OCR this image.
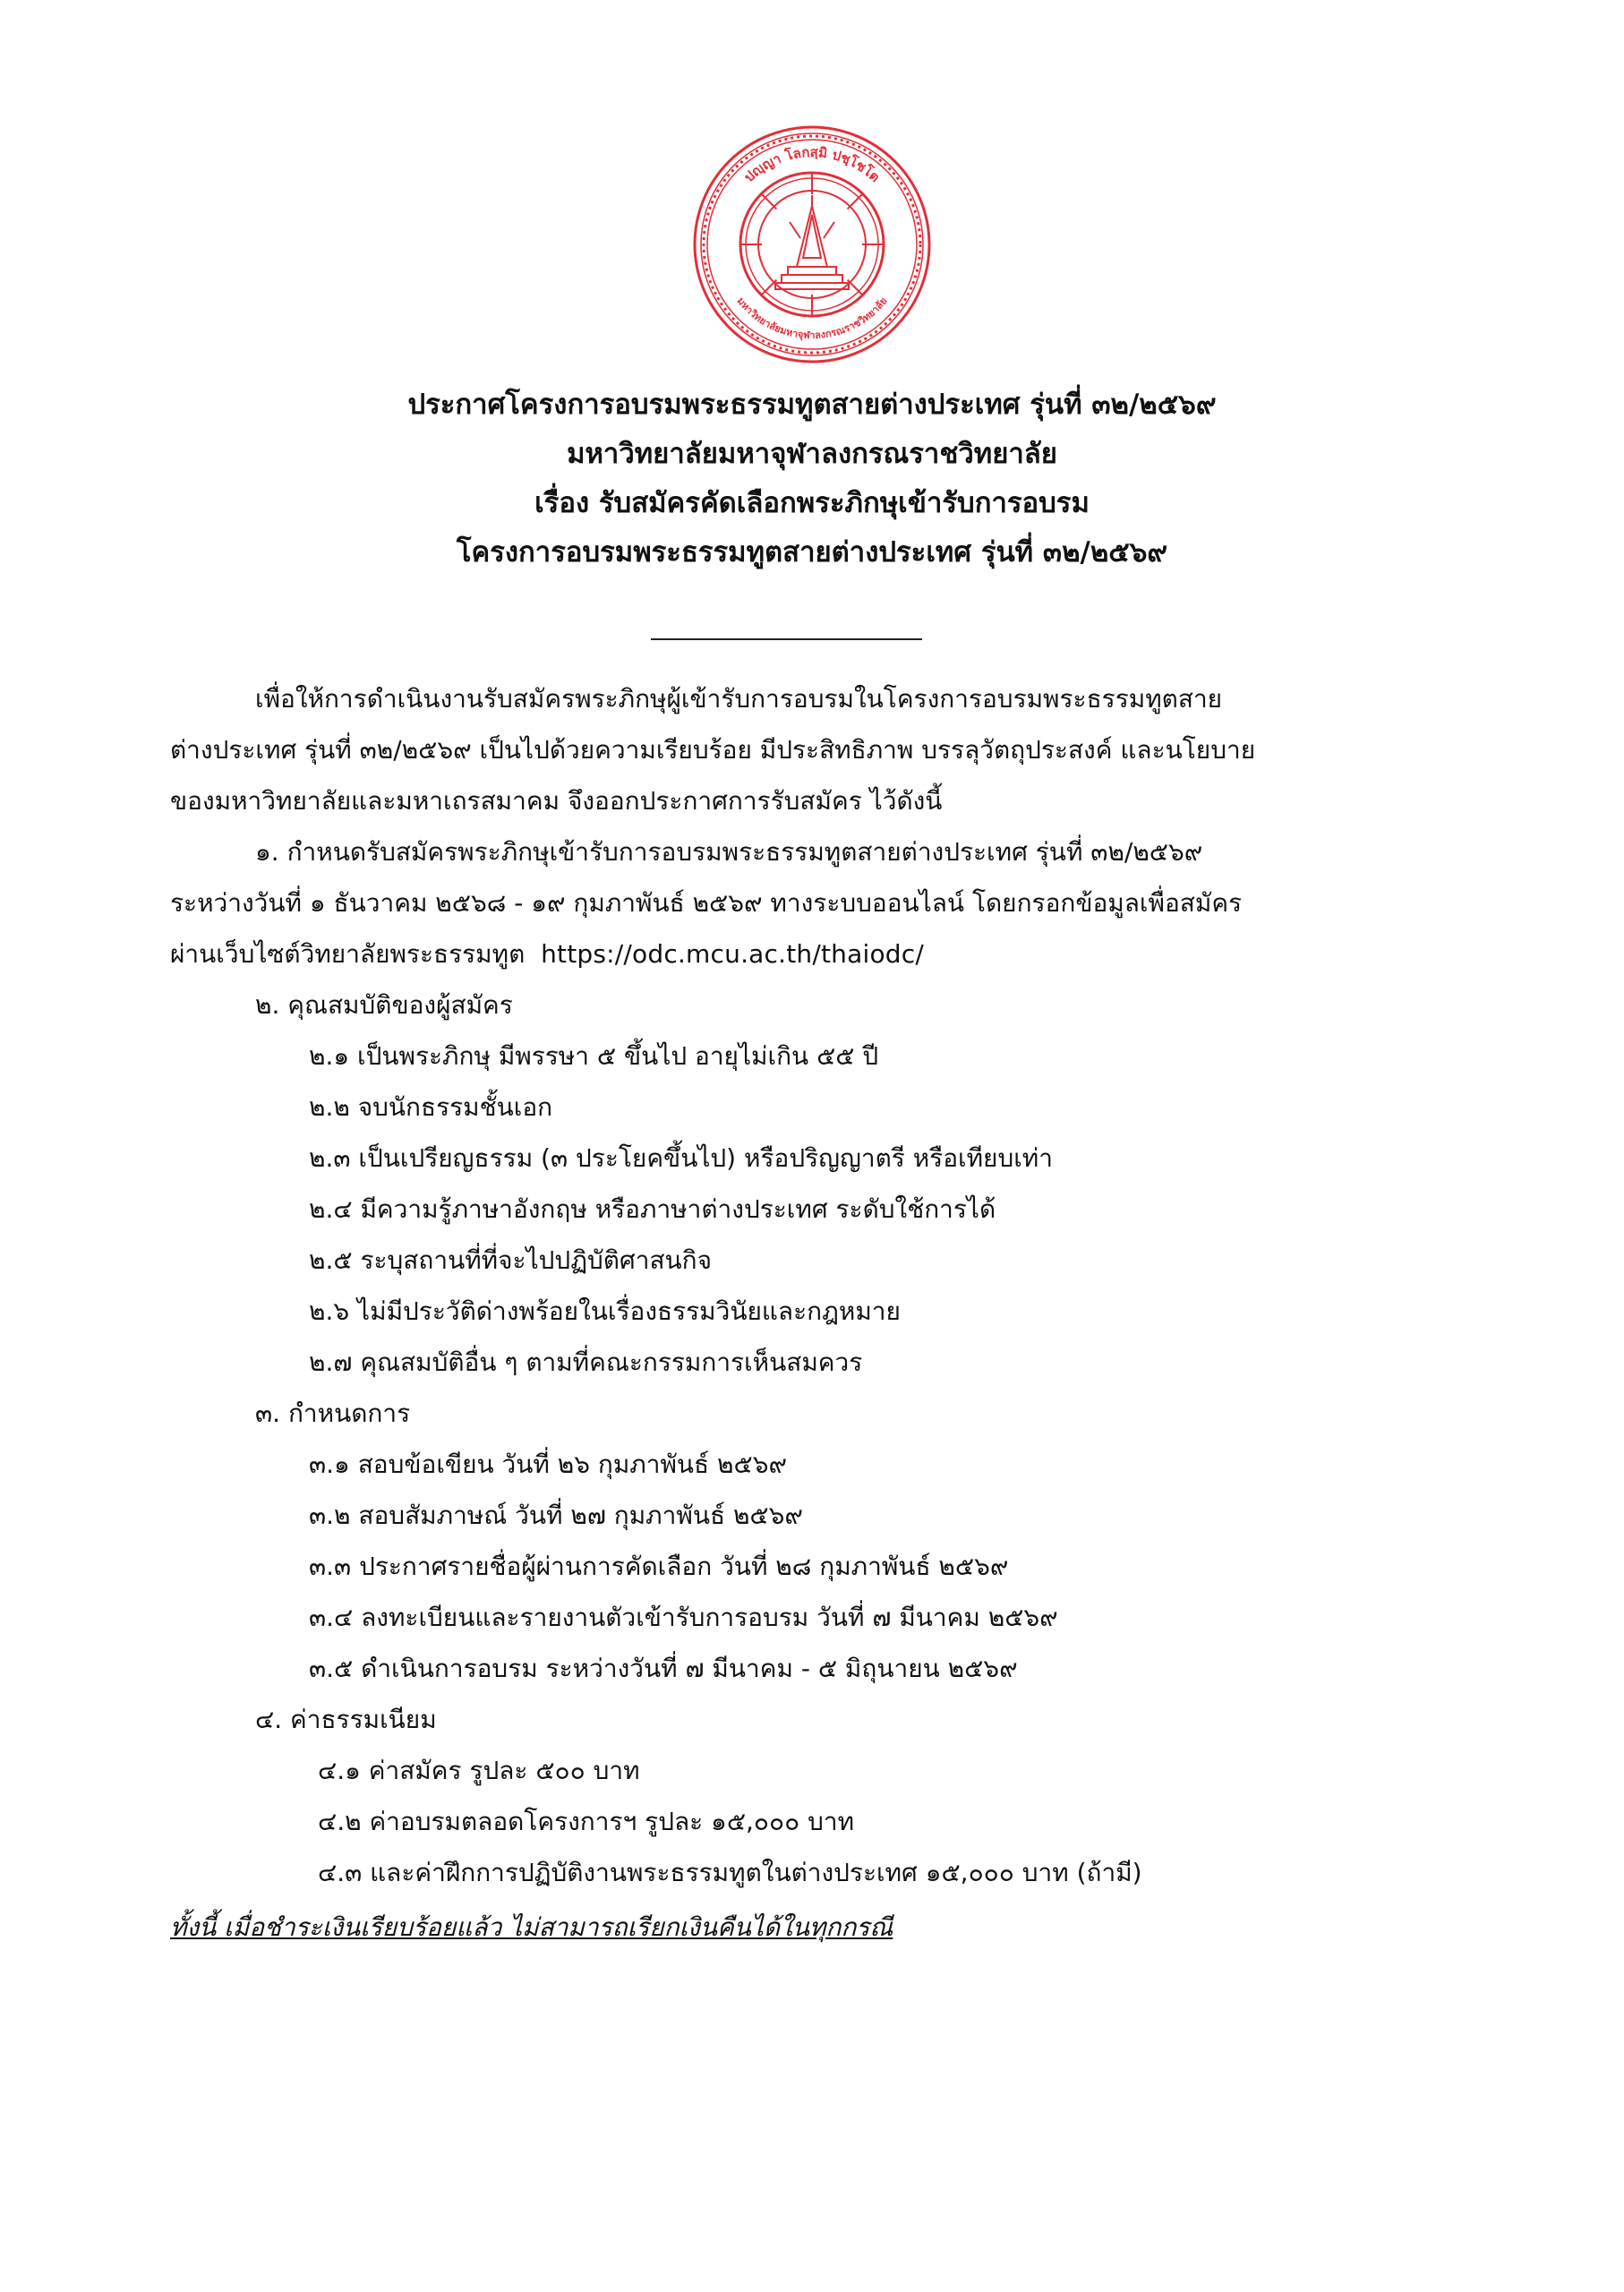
ปญฺญา โลกสฺมิ ปชฺโชโต
มหาวิทยาลัยมหาจุฬาลงกรณราชวิทยาลัย
ประกาศโครงการอบรมพระธรรมทูตสายต่างประเทศ รุ่นที่ ๓๒/๒๕๖๙
มหาวิทยาลัยมหาจุฬาลงกรณราชวิทยาลัย
เรื่อง รับสมัครคัดเลือกพระภิกษุเข้ารับการอบรม
โครงการอบรมพระธรรมทูตสายต่างประเทศ รุ่นที่ ๓๒/๒๕๖๙
เพื่อให้การดำเนินงานรับสมัครพระภิกษุผู้เข้ารับการอบรมในโครงการอบรมพระธรรมทูตสาย
ต่างประเทศ รุ่นที่ ๓๒/๒๕๖๙ เป็นไปด้วยความเรียบร้อย มีประสิทธิภาพ บรรลุวัตถุประสงค์ และนโยบาย
ของมหาวิทยาลัยและมหาเถรสมาคม จึงออกประกาศการรับสมัคร ไว้ดังนี้
๑. กำหนดรับสมัครพระภิกษุเข้ารับการอบรมพระธรรมทูตสายต่างประเทศ รุ่นที่ ๓๒/๒๕๖๙
ระหว่างวันที่ ๑ ธันวาคม ๒๕๖๘ - ๑๙ กุมภาพันธ์ ๒๕๖๙ ทางระบบออนไลน์ โดยกรอกข้อมูลเพื่อสมัคร
ผ่านเว็บไซต์วิทยาลัยพระธรรมทูต https://odc.mcu.ac.th/thaiodc/
๒. คุณสมบัติของผู้สมัคร
๒.๑ เป็นพระภิกษุ มีพรรษา ๕ ขึ้นไป อายุไม่เกิน ๕๕ ปี
๒.๒ จบนักธรรมชั้นเอก
๒.๓ เป็นเปรียญธรรม (๓ ประโยคขึ้นไป) หรือปริญญาตรี หรือเทียบเท่า
๒.๔ มีความรู้ภาษาอังกฤษ หรือภาษาต่างประเทศ ระดับใช้การได้
๒.๕ ระบุสถานที่ที่จะไปปฏิบัติศาสนกิจ
๒.๖ ไม่มีประวัติด่างพร้อยในเรื่องธรรมวินัยและกฎหมาย
๒.๗ คุณสมบัติอื่น ๆ ตามที่คณะกรรมการเห็นสมควร
๓. กำหนดการ
๓.๑ สอบข้อเขียน วันที่ ๒๖ กุมภาพันธ์ ๒๕๖๙
๓.๒ สอบสัมภาษณ์ วันที่ ๒๗ กุมภาพันธ์ ๒๕๖๙
๓.๓ ประกาศรายชื่อผู้ผ่านการคัดเลือก วันที่ ๒๘ กุมภาพันธ์ ๒๕๖๙
๓.๔ ลงทะเบียนและรายงานตัวเข้ารับการอบรม วันที่ ๗ มีนาคม ๒๕๖๙
๓.๕ ดำเนินการอบรม ระหว่างวันที่ ๗ มีนาคม - ๕ มิถุนายน ๒๕๖๙
๔. ค่าธรรมเนียม
๔.๑ ค่าสมัคร รูปละ ๕๐๐ บาท
๔.๒ ค่าอบรมตลอดโครงการฯ รูปละ ๑๕,๐๐๐ บาท
๔.๓ และค่าฝึกการปฏิบัติงานพระธรรมทูตในต่างประเทศ ๑๕,๐๐๐ บาท (ถ้ามี)
ทั้งนี้ เมื่อชำระเงินเรียบร้อยแล้ว ไม่สามารถเรียกเงินคืนได้ในทุกกรณี
